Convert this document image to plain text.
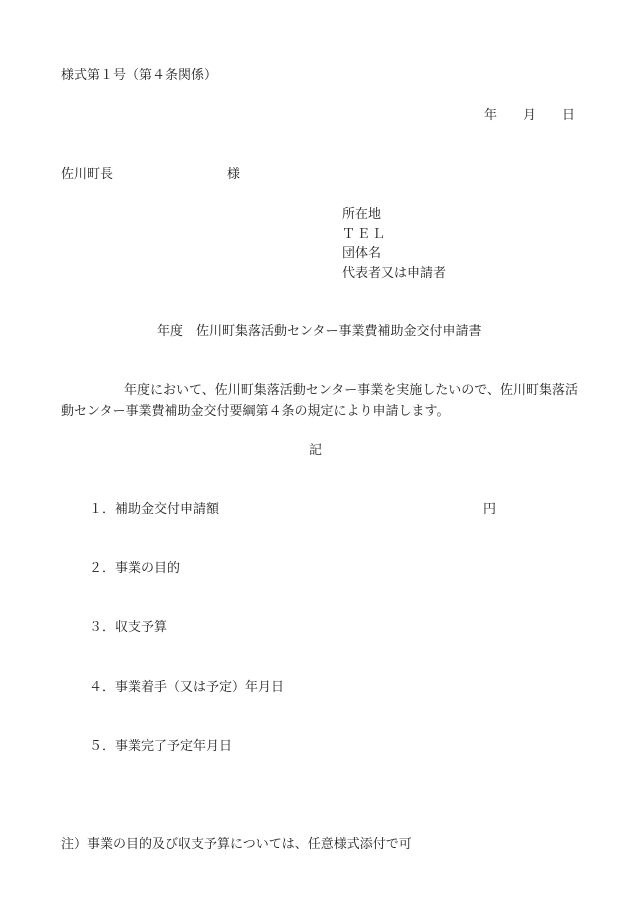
様式第１号（第４条関係）
年 月 日
佐川町長	様
所在地
ＴＥＬ
団体名
代表者又は申請者
年度　佐川町集落活動センター事業費補助金交付申請書
年度において、佐川町集落活動センター事業を実施したいので、佐川町集落活
動センター事業費補助金交付要綱第４条の規定により申請します。
記
１．補助金交付申請額	円
２．事業の目的
３．収支予算
４．事業着手（又は予定）年月日
５．事業完了予定年月日
注）事業の目的及び収支予算については、任意様式添付で可
